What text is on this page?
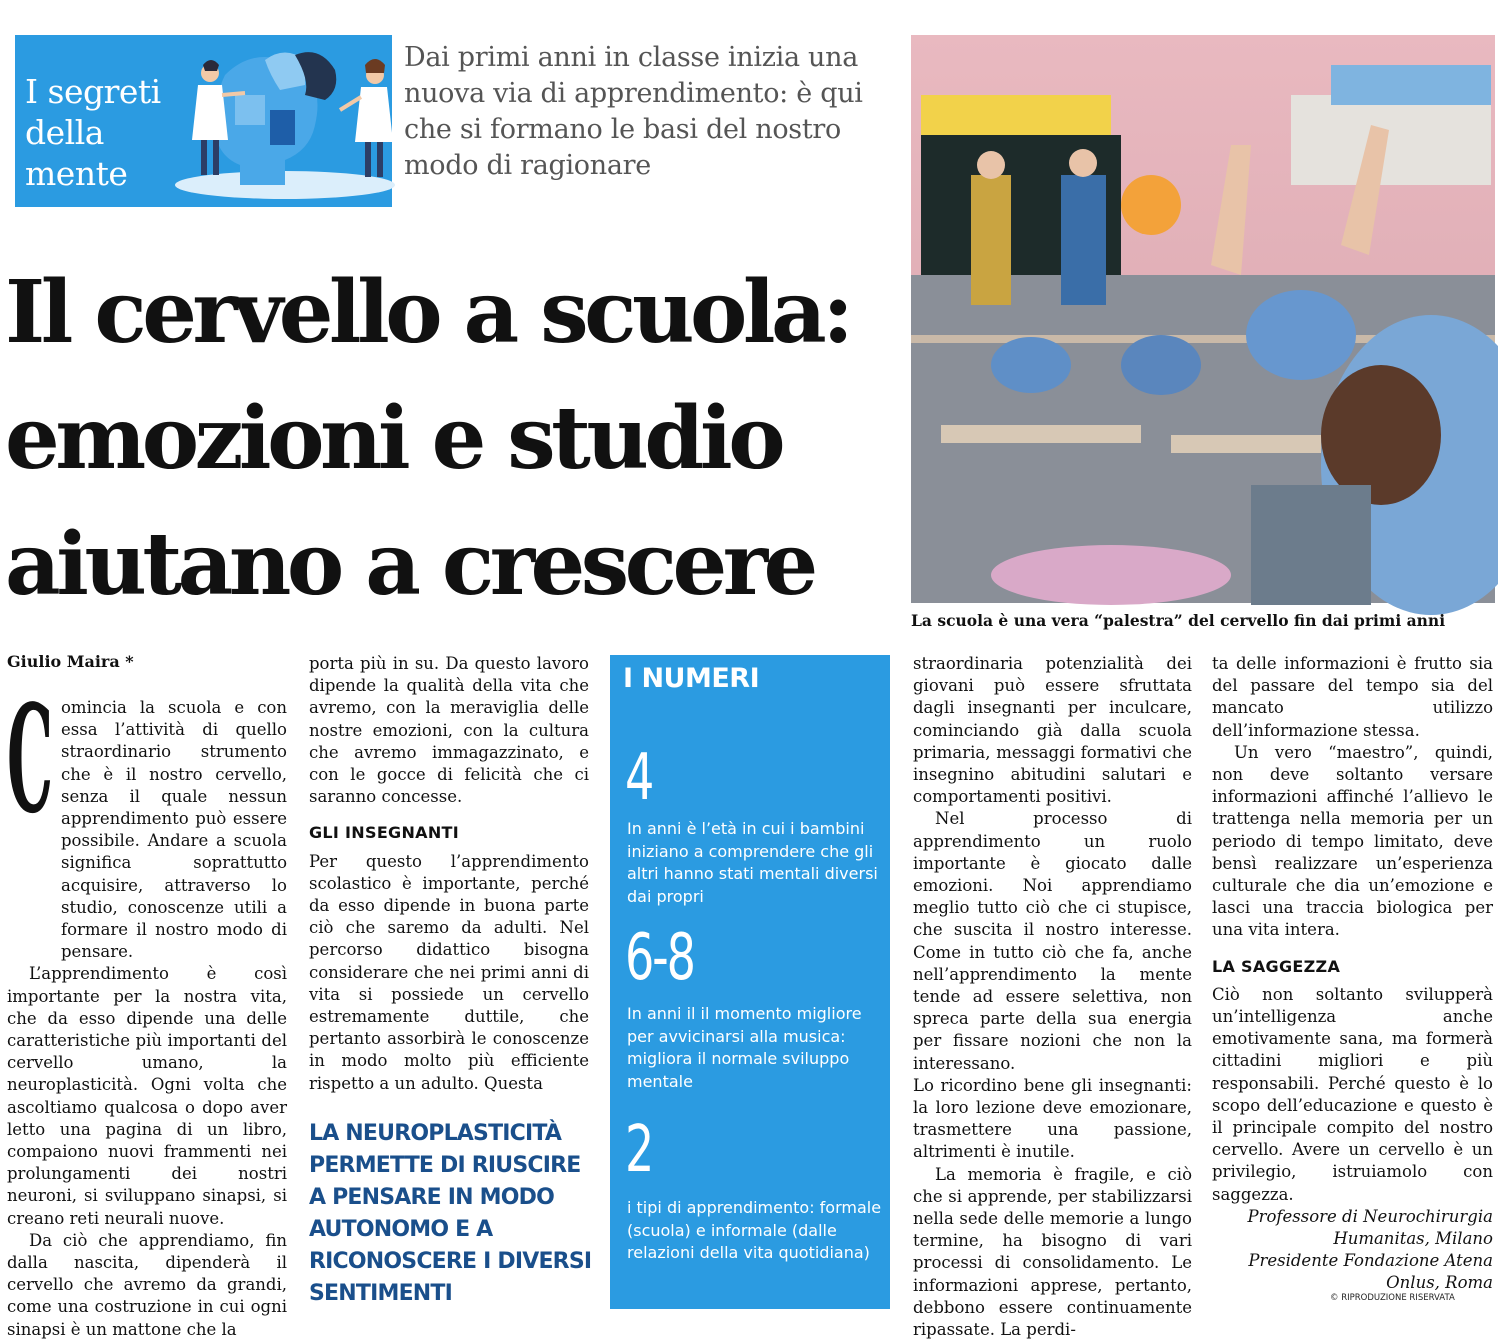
I segreti della mente
Dai primi anni in classe inizia una nuova via di apprendimento: è qui che si formano le basi del nostro modo di ragionare
Il cervello a scuola:
emozioni e studio
aiutano a crescere
La scuola è una vera “palestra” del cervello fin dai primi anni
Giulio Maira *
C omincia la scuola e con essa l’attività di quello straordinario strumento che è il nostro cervello, senza il quale nessun apprendimento può essere possibile. Andare a scuola significa soprattutto acquisire, attraverso lo studio, conoscenze utili a formare il nostro modo di pensare.

L’apprendimento è così importante per la nostra vita, che da esso dipende una delle caratteristiche più importanti del cervello umano, la neuroplasticità. Ogni volta che ascoltiamo qualcosa o dopo aver letto una pagina di un libro, compaiono nuovi frammenti nei prolungamenti dei nostri neuroni, si sviluppano sinapsi, si creano reti neurali nuove.

Da ciò che apprendiamo, fin dalla nascita, dipenderà il cervello che avremo da grandi, come una costruzione in cui ogni sinapsi è un mattone che la

porta più in su. Da questo lavoro dipende la qualità della vita che avremo, con la meraviglia delle nostre emozioni, con la cultura che avremo immagazzinato, e con le gocce di felicità che ci saranno concesse.

GLI INSEGNANTI

Per questo l’apprendimento scolastico è importante, perché da esso dipende in buona parte ciò che saremo da adulti. Nel percorso didattico bisogna considerare che nei primi anni di vita si possiede un cervello estremamente duttile, che pertanto assorbirà le conoscenze in modo molto più efficiente rispetto a un adulto. Questa

LA NEUROPLASTICITÀ PERMETTE DI RIUSCIRE A PENSARE IN MODO AUTONOMO E A RICONOSCERE I DIVERSI SENTIMENTI
I NUMERI
4
In anni è l’età in cui i bambini iniziano a comprendere che gli altri hanno stati mentali diversi dai propri
6-8
In anni il il momento migliore per avvicinarsi alla musica: migliora il normale sviluppo mentale
2
i tipi di apprendimento: formale (scuola) e informale (dalle relazioni della vita quotidiana)

straordinaria potenzialità dei giovani può essere sfruttata dagli insegnanti per inculcare, cominciando già dalla scuola primaria, messaggi formativi che insegnino abitudini salutari e comportamenti positivi.

Nel processo di apprendimento un ruolo importante è giocato dalle emozioni. Noi apprendiamo meglio tutto ciò che ci stupisce, che suscita il nostro interesse. Come in tutto ciò che fa, anche nell’apprendimento la mente tende ad essere selettiva, non spreca parte della sua energia per fissare nozioni che non la interessano.

Lo ricordino bene gli insegnanti: la loro lezione deve emozionare, trasmettere una passione, altrimenti è inutile.

La memoria è fragile, e ciò che si apprende, per stabilizzarsi nella sede delle memorie a lungo termine, ha bisogno di vari processi di consolidamento. Le informazioni apprese, pertanto, debbono essere continuamente ripassate. La perdi-

ta delle informazioni è frutto sia del passare del tempo sia del mancato utilizzo dell’informazione stessa.

Un vero “maestro”, quindi, non deve soltanto versare informazioni affinché l’allievo le trattenga nella memoria per un periodo di tempo limitato, deve bensì realizzare un’esperienza culturale che dia un’emozione e lasci una traccia biologica per una vita intera.

LA SAGGEZZA

Ciò non soltanto svilupperà un’intelligenza anche emotivamente sana, ma formerà cittadini migliori e più responsabili. Perché questo è lo scopo dell’educazione e questo è il principale compito del nostro cervello. Avere un cervello è un privilegio, istruiamolo con saggezza.

Professore di Neurochirurgia
Humanitas, Milano
Presidente Fondazione Atena
Onlus, Roma
© RIPRODUZIONE RISERVATA
